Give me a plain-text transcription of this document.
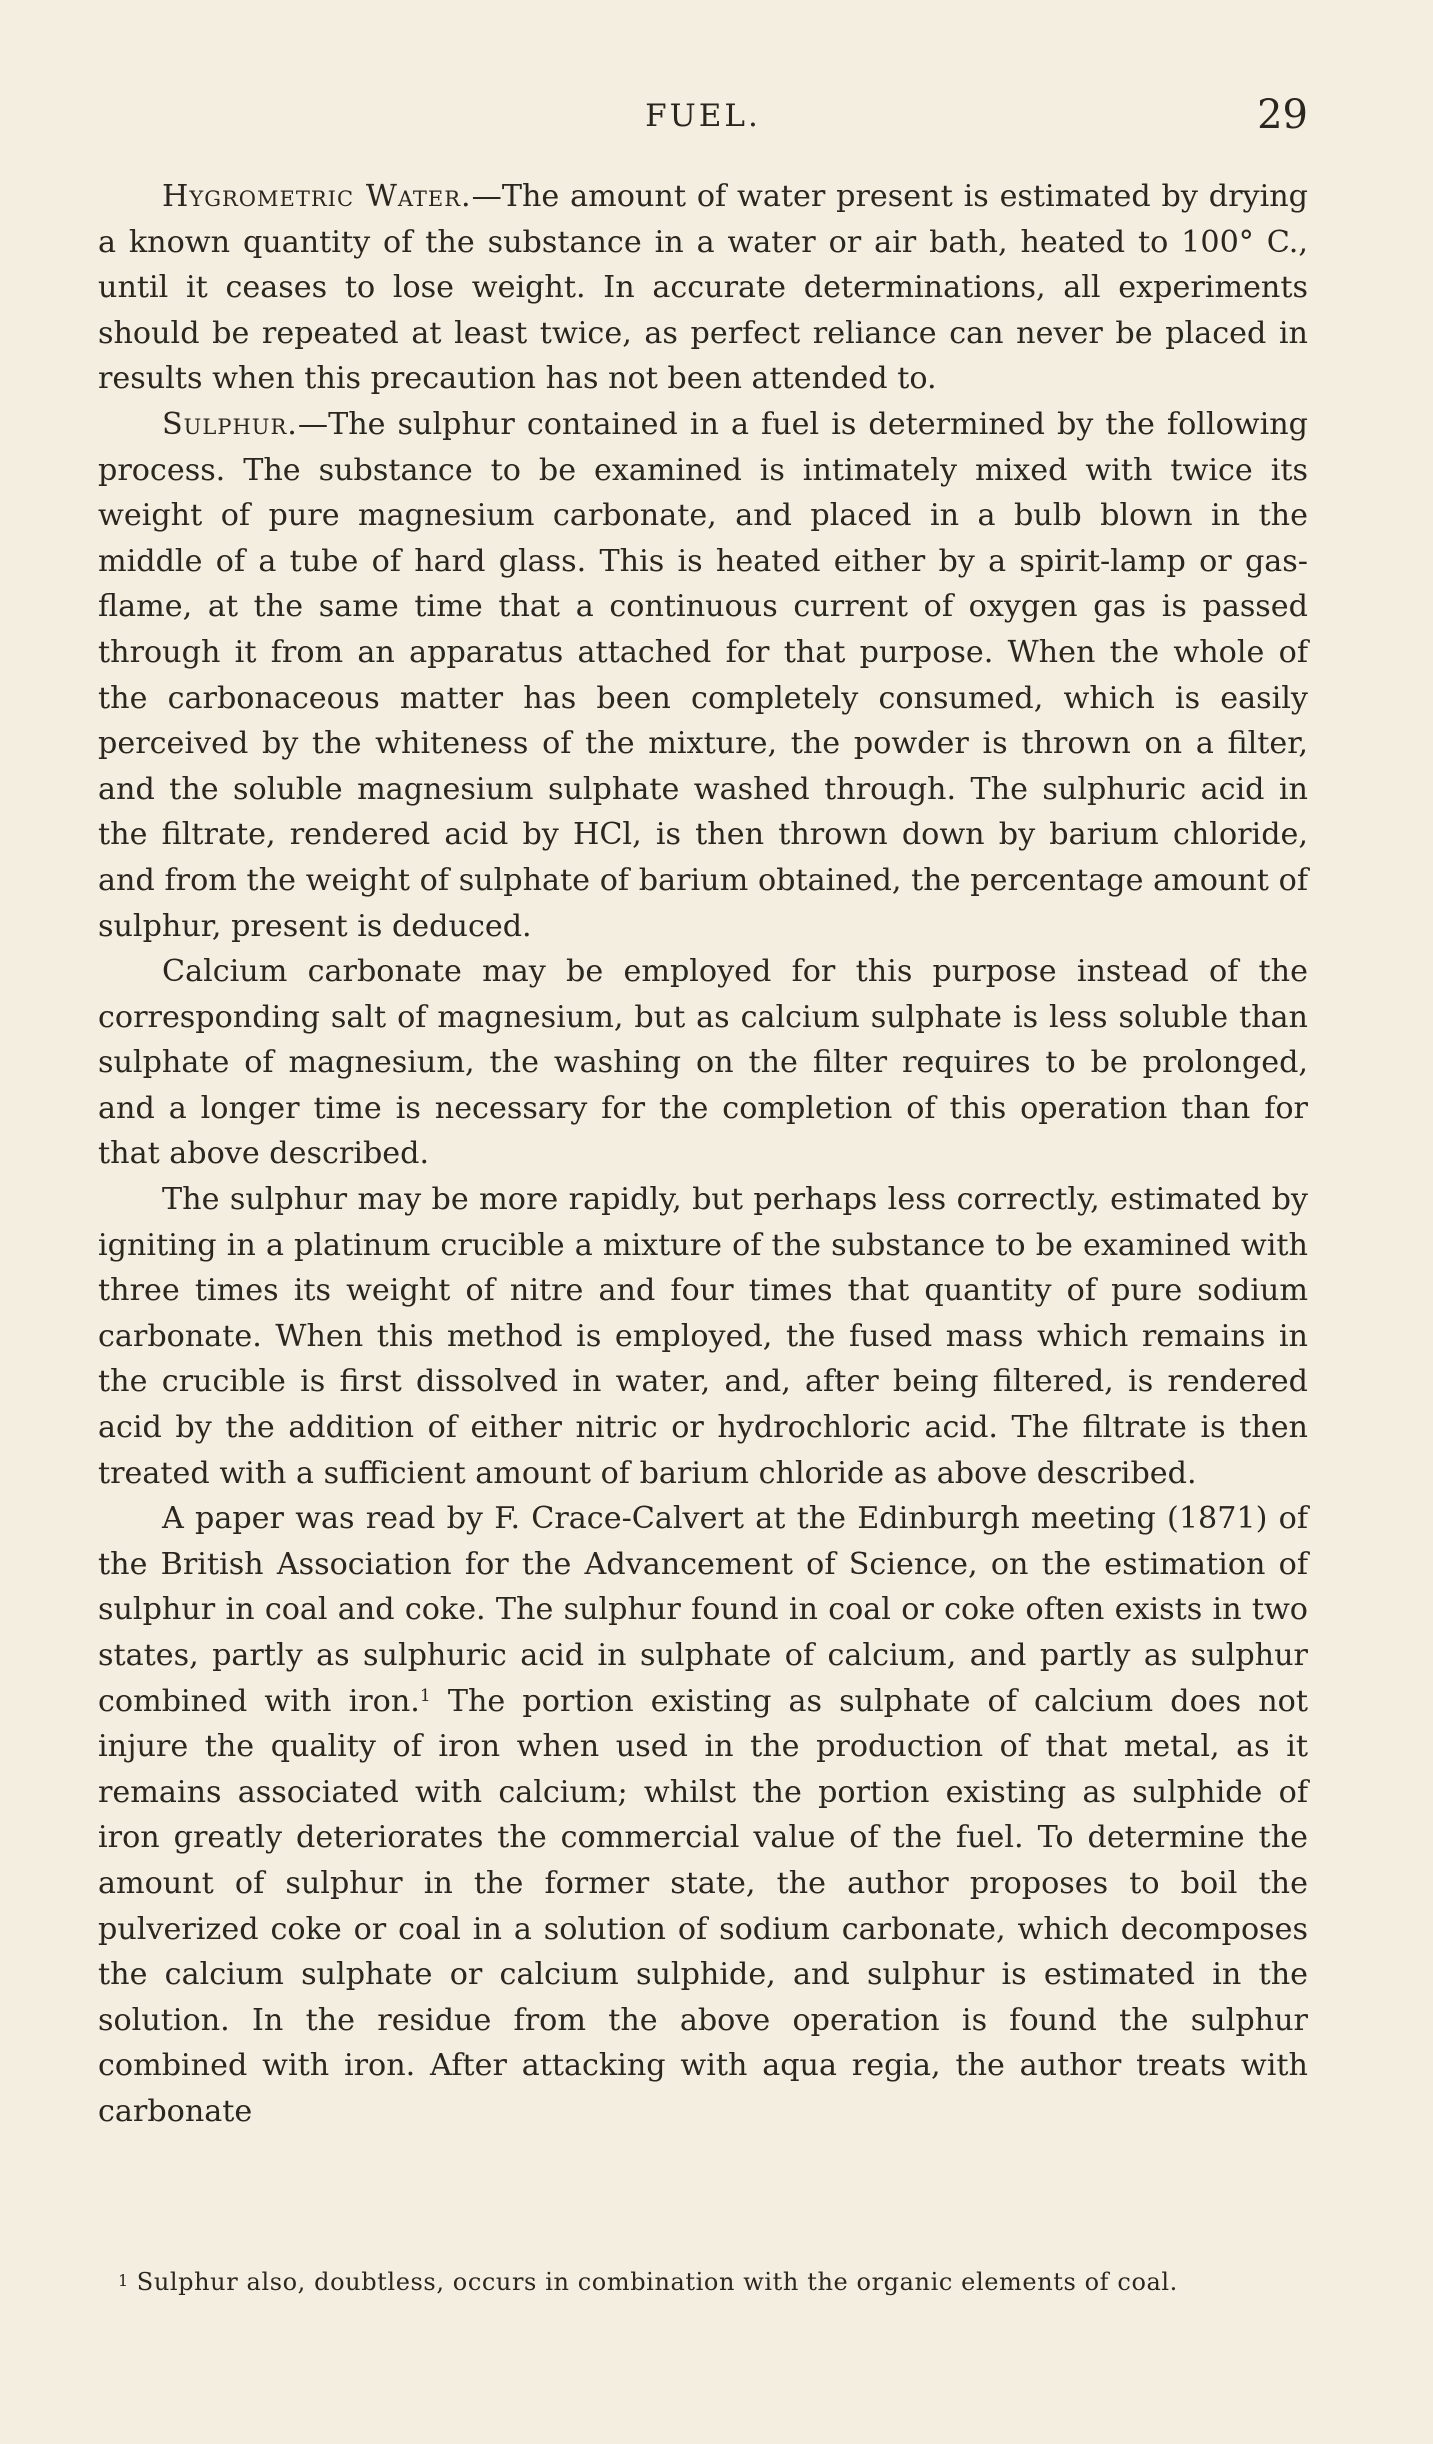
FUEL.	29

Hygrometric Water.—The amount of water present is estimated by drying a known quantity of the substance in a water or air bath, heated to 100° C., until it ceases to lose weight. In accurate determinations, all experiments should be repeated at least twice, as perfect reliance can never be placed in results when this precaution has not been attended to.

Sulphur.—The sulphur contained in a fuel is determined by the following process. The substance to be examined is intimately mixed with twice its weight of pure magnesium carbonate, and placed in a bulb blown in the middle of a tube of hard glass. This is heated either by a spirit-lamp or gas-flame, at the same time that a continuous current of oxygen gas is passed through it from an apparatus attached for that purpose. When the whole of the carbonaceous matter has been completely consumed, which is easily perceived by the whiteness of the mixture, the powder is thrown on a filter, and the soluble magnesium sulphate washed through. The sulphuric acid in the filtrate, rendered acid by HCl, is then thrown down by barium chloride, and from the weight of sulphate of barium obtained, the percentage amount of sulphur, present is deduced.

Calcium carbonate may be employed for this purpose instead of the corresponding salt of magnesium, but as calcium sulphate is less soluble than sulphate of magnesium, the washing on the filter requires to be prolonged, and a longer time is necessary for the completion of this operation than for that above described.

The sulphur may be more rapidly, but perhaps less correctly, estimated by igniting in a platinum crucible a mixture of the substance to be examined with three times its weight of nitre and four times that quantity of pure sodium carbonate. When this method is employed, the fused mass which remains in the crucible is first dissolved in water, and, after being filtered, is rendered acid by the addition of either nitric or hydrochloric acid. The filtrate is then treated with a sufficient amount of barium chloride as above described.

A paper was read by F. Crace-Calvert at the Edinburgh meeting (1871) of the British Association for the Advancement of Science, on the estimation of sulphur in coal and coke. The sulphur found in coal or coke often exists in two states, partly as sulphuric acid in sulphate of calcium, and partly as sulphur combined with iron.$^1$ The portion existing as sulphate of calcium does not injure the quality of iron when used in the production of that metal, as it remains associated with calcium; whilst the portion existing as sulphide of iron greatly deteriorates the commercial value of the fuel. To determine the amount of sulphur in the former state, the author proposes to boil the pulverized coke or coal in a solution of sodium carbonate, which decomposes the calcium sulphate or calcium sulphide, and sulphur is estimated in the solution. In the residue from the above operation is found the sulphur combined with iron. After attacking with aqua regia, the author treats with carbonate

1 Sulphur also, doubtless, occurs in combination with the organic elements of coal.
